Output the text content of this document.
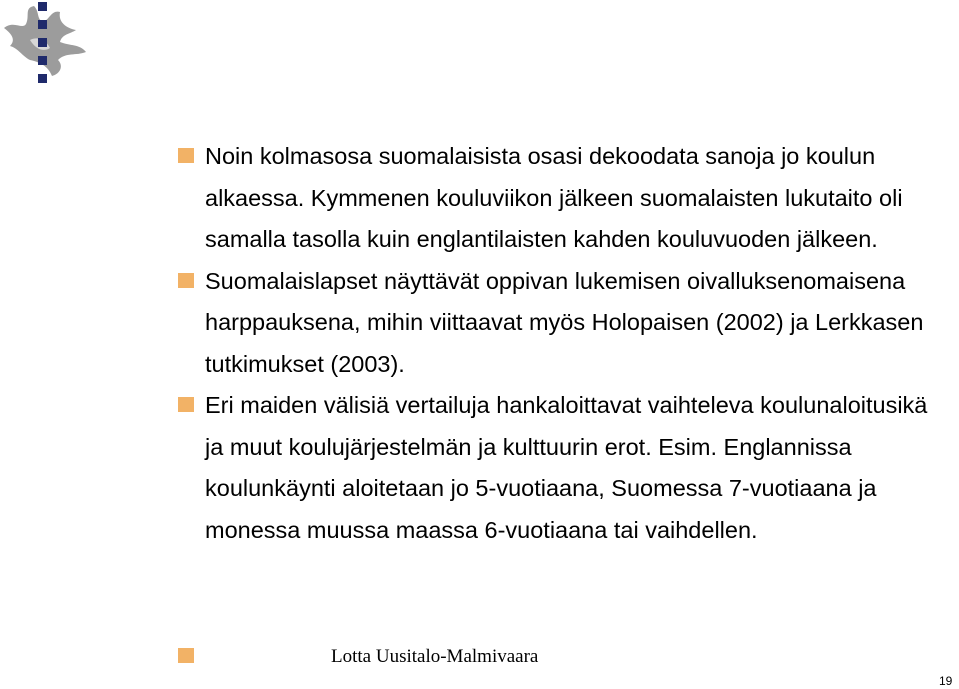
Noin kolmasosa suomalaisista osasi dekoodata sanoja jo koulun alkaessa. Kymmenen kouluviikon jälkeen suomalaisten lukutaito oli samalla tasolla kuin englantilaisten kahden kouluvuoden jälkeen.
Suomalaislapset näyttävät oppivan lukemisen oivalluksenomaisena harppauksena, mihin viittaavat myös Holopaisen (2002) ja Lerkkasen tutkimukset (2003).
Eri maiden välisiä vertailuja hankaloittavat vaihteleva koulunaloitusikä ja muut koulujärjestelmän ja kulttuurin erot. Esim. Englannissa koulunkäynti aloitetaan jo 5-vuotiaana, Suomessa 7-vuotiaana ja monessa muussa maassa 6-vuotiaana tai vaihdellen.
Lotta Uusitalo-Malmivaara
19
